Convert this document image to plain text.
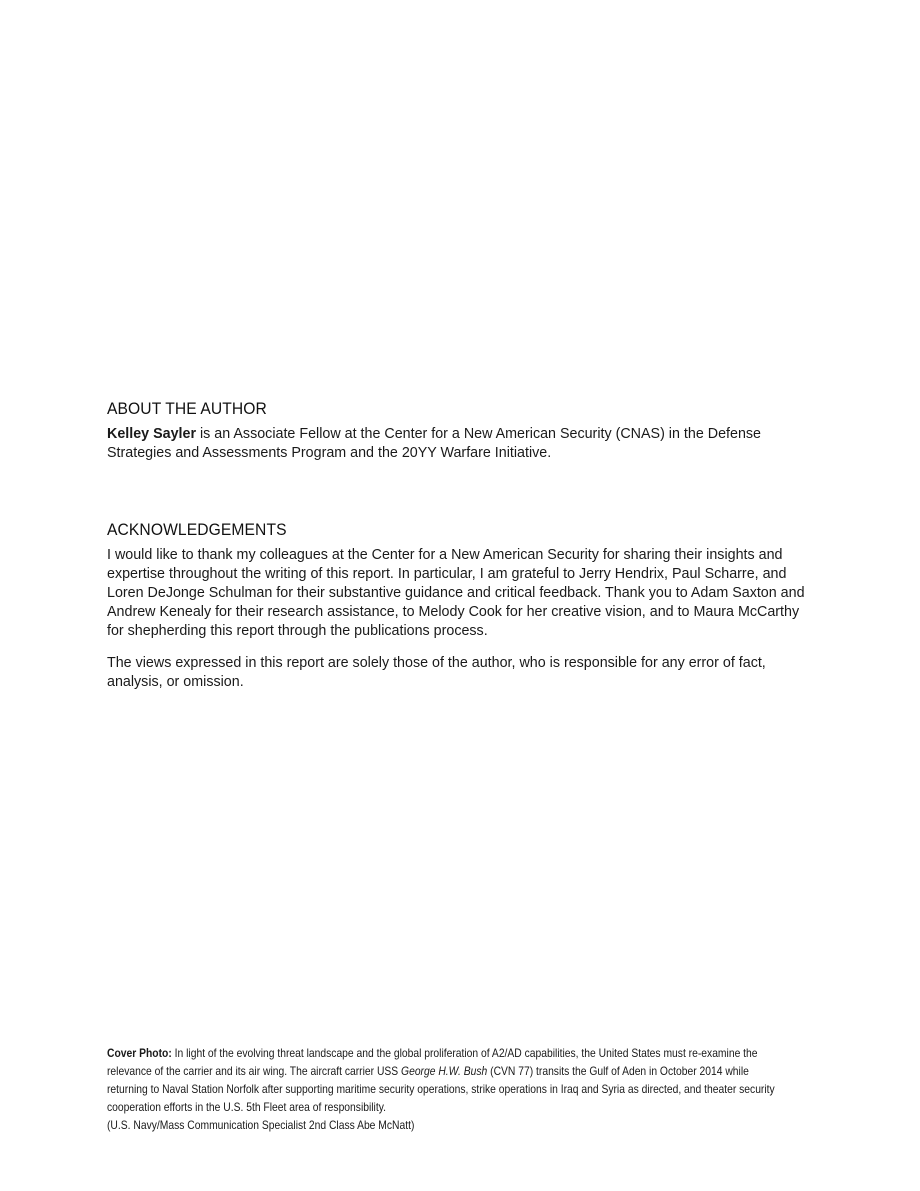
ABOUT THE AUTHOR

Kelley Sayler is an Associate Fellow at the Center for a New American Security (CNAS) in the Defense Strategies and Assessments Program and the 20YY Warfare Initiative.

ACKNOWLEDGEMENTS

I would like to thank my colleagues at the Center for a New American Security for sharing their insights and expertise throughout the writing of this report. In particular, I am grateful to Jerry Hendrix, Paul Scharre, and Loren DeJonge Schulman for their substantive guidance and critical feedback. Thank you to Adam Saxton and Andrew Kenealy for their research assistance, to Melody Cook for her creative vision, and to Maura McCarthy for shepherding this report through the publications process.

The views expressed in this report are solely those of the author, who is responsible for any error of fact, analysis, or omission.

Cover Photo: In light of the evolving threat landscape and the global proliferation of A2/AD capabilities, the United States must re-examine the relevance of the carrier and its air wing. The aircraft carrier USS George H.W. Bush (CVN 77) transits the Gulf of Aden in October 2014 while returning to Naval Station Norfolk after supporting maritime security operations, strike operations in Iraq and Syria as directed, and theater security cooperation efforts in the U.S. 5th Fleet area of responsibility.
(U.S. Navy/Mass Communication Specialist 2nd Class Abe McNatt)
